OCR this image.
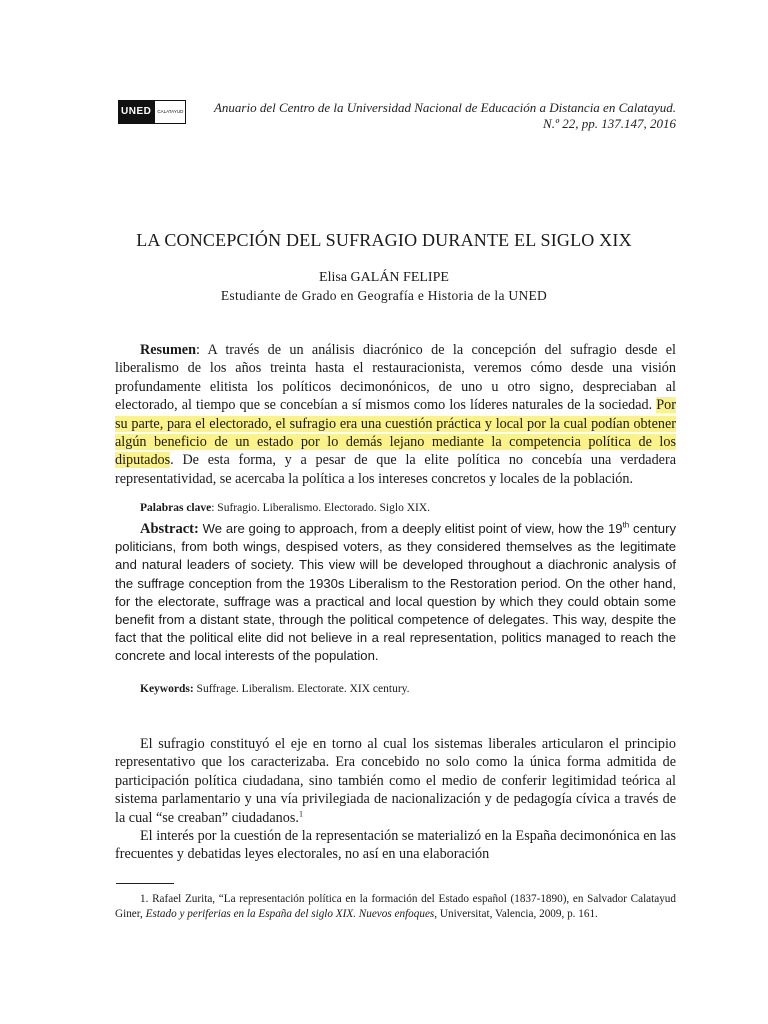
UNED	CALATAYUD	Anuario del Centro de la Universidad Nacional de Educación a Distancia en Calatayud.
N.º 22, pp. 137.147, 2016
LA CONCEPCIÓN DEL SUFRAGIO DURANTE EL SIGLO XIX
Elisa GALÁN FELIPE
Estudiante de Grado en Geografía e Historia de la UNED
Resumen: A través de un análisis diacrónico de la concepción del sufragio desde el liberalismo de los años treinta hasta el restauracionista, veremos cómo desde una visión profundamente elitista los políticos decimonónicos, de uno u otro signo, despreciaban al electorado, al tiempo que se concebían a sí mismos como los líderes naturales de la sociedad. Por su parte, para el electorado, el sufragio era una cuestión práctica y local por la cual podían obtener algún beneficio de un estado por lo demás lejano mediante la competencia política de los diputados. De esta forma, y a pesar de que la elite política no concebía una verdadera representatividad, se acercaba la política a los intereses concretos y locales de la población.
Palabras clave: Sufragio. Liberalismo. Electorado. Siglo XIX.
Abstract: We are going to approach, from a deeply elitist point of view, how the 19th century politicians, from both wings, despised voters, as they considered themselves as the legitimate and natural leaders of society. This view will be developed throughout a diachronic analysis of the suffrage conception from the 1930s Liberalism to the Restoration period. On the other hand, for the electorate, suffrage was a practical and local question by which they could obtain some benefit from a distant state, through the political competence of delegates. This way, despite the fact that the political elite did not believe in a real representation, politics managed to reach the concrete and local interests of the population.
Keywords: Suffrage. Liberalism. Electorate. XIX century.
El sufragio constituyó el eje en torno al cual los sistemas liberales articularon el principio representativo que los caracterizaba. Era concebido no solo como la única forma admitida de participación política ciudadana, sino también como el medio de conferir legitimidad teórica al sistema parlamentario y una vía privilegiada de nacionalización y de pedagogía cívica a través de la cual “se creaban” ciudadanos.$^1$
El interés por la cuestión de la representación se materializó en la España decimonónica en las frecuentes y debatidas leyes electorales, no así en una elaboración
1. Rafael Zurita, “La representación política en la formación del Estado español (1837-1890), en Salvador Calatayud Giner, Estado y periferias en la España del siglo XIX. Nuevos enfoques, Universitat, Valencia, 2009, p. 161.
